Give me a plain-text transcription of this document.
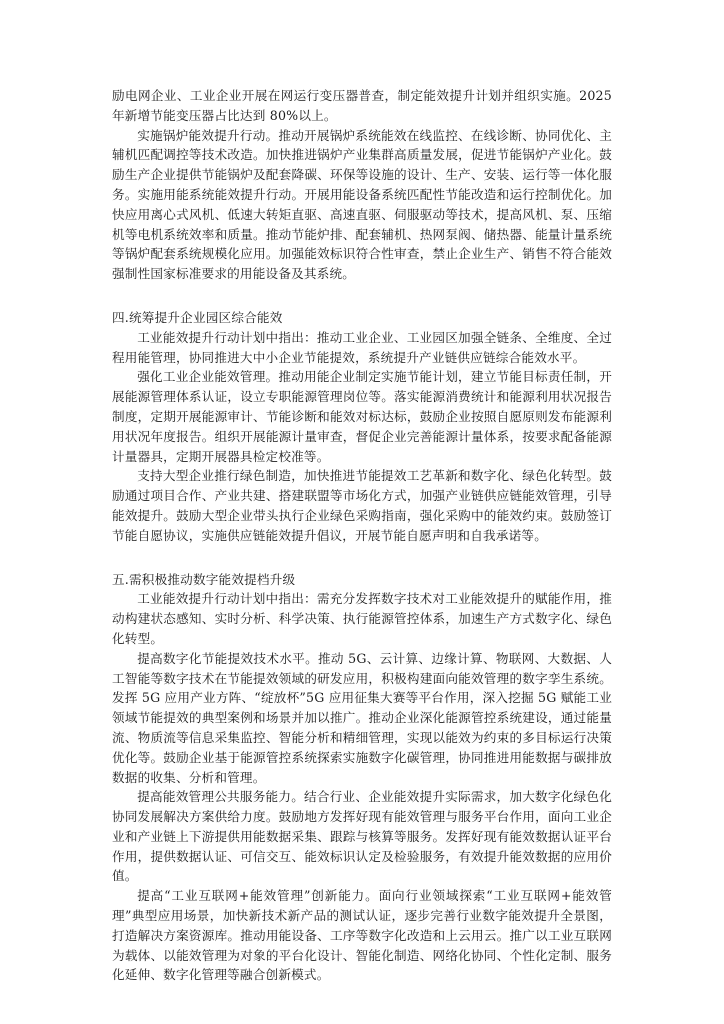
励电网企业、工业企业开展在网运行变压器普查，制定能效提升计划并组织实施。2025 年新增节能变压器占比达到 80%以上。

实施锅炉能效提升行动。推动开展锅炉系统能效在线监控、在线诊断、协同优化、主辅机匹配调控等技术改造。加快推进锅炉产业集群高质量发展，促进节能锅炉产业化。鼓励生产企业提供节能锅炉及配套降碳、环保等设施的设计、生产、安装、运行等一体化服务。实施用能系统能效提升行动。开展用能设备系统匹配性节能改造和运行控制优化。加快应用离心式风机、低速大转矩直驱、高速直驱、伺服驱动等技术，提高风机、泵、压缩机等电机系统效率和质量。推动节能炉排、配套辅机、热网泵阀、储热器、能量计量系统等锅炉配套系统规模化应用。加强能效标识符合性审查，禁止企业生产、销售不符合能效强制性国家标准要求的用能设备及其系统。

四.统筹提升企业园区综合能效

工业能效提升行动计划中指出：推动工业企业、工业园区加强全链条、全维度、全过程用能管理，协同推进大中小企业节能提效，系统提升产业链供应链综合能效水平。

强化工业企业能效管理。推动用能企业制定实施节能计划，建立节能目标责任制，开展能源管理体系认证，设立专职能源管理岗位等。落实能源消费统计和能源利用状况报告制度，定期开展能源审计、节能诊断和能效对标达标，鼓励企业按照自愿原则发布能源利用状况年度报告。组织开展能源计量审查，督促企业完善能源计量体系，按要求配备能源计量器具，定期开展器具检定校准等。

支持大型企业推行绿色制造，加快推进节能提效工艺革新和数字化、绿色化转型。鼓励通过项目合作、产业共建、搭建联盟等市场化方式，加强产业链供应链能效管理，引导能效提升。鼓励大型企业带头执行企业绿色采购指南，强化采购中的能效约束。鼓励签订节能自愿协议，实施供应链能效提升倡议，开展节能自愿声明和自我承诺等。

五.需积极推动数字能效提档升级

工业能效提升行动计划中指出：需充分发挥数字技术对工业能效提升的赋能作用，推动构建状态感知、实时分析、科学决策、执行能源管控体系，加速生产方式数字化、绿色化转型。

提高数字化节能提效技术水平。推动 5G、云计算、边缘计算、物联网、大数据、人工智能等数字技术在节能提效领域的研发应用，积极构建面向能效管理的数字孪生系统。发挥 5G 应用产业方阵、“绽放杯”5G 应用征集大赛等平台作用，深入挖掘 5G 赋能工业领域节能提效的典型案例和场景并加以推广。推动企业深化能源管控系统建设，通过能量流、物质流等信息采集监控、智能分析和精细管理，实现以能效为约束的多目标运行决策优化等。鼓励企业基于能源管控系统探索实施数字化碳管理，协同推进用能数据与碳排放数据的收集、分析和管理。

提高能效管理公共服务能力。结合行业、企业能效提升实际需求，加大数字化绿色化协同发展解决方案供给力度。鼓励地方发挥好现有能效管理与服务平台作用，面向工业企业和产业链上下游提供用能数据采集、跟踪与核算等服务。发挥好现有能效数据认证平台作用，提供数据认证、可信交互、能效标识认定及检验服务，有效提升能效数据的应用价值。

提高“工业互联网+能效管理”创新能力。面向行业领域探索“工业互联网+能效管理”典型应用场景，加快新技术新产品的测试认证，逐步完善行业数字能效提升全景图，打造解决方案资源库。推动用能设备、工序等数字化改造和上云用云。推广以工业互联网为载体、以能效管理为对象的平台化设计、智能化制造、网络化协同、个性化定制、服务化延伸、数字化管理等融合创新模式。
